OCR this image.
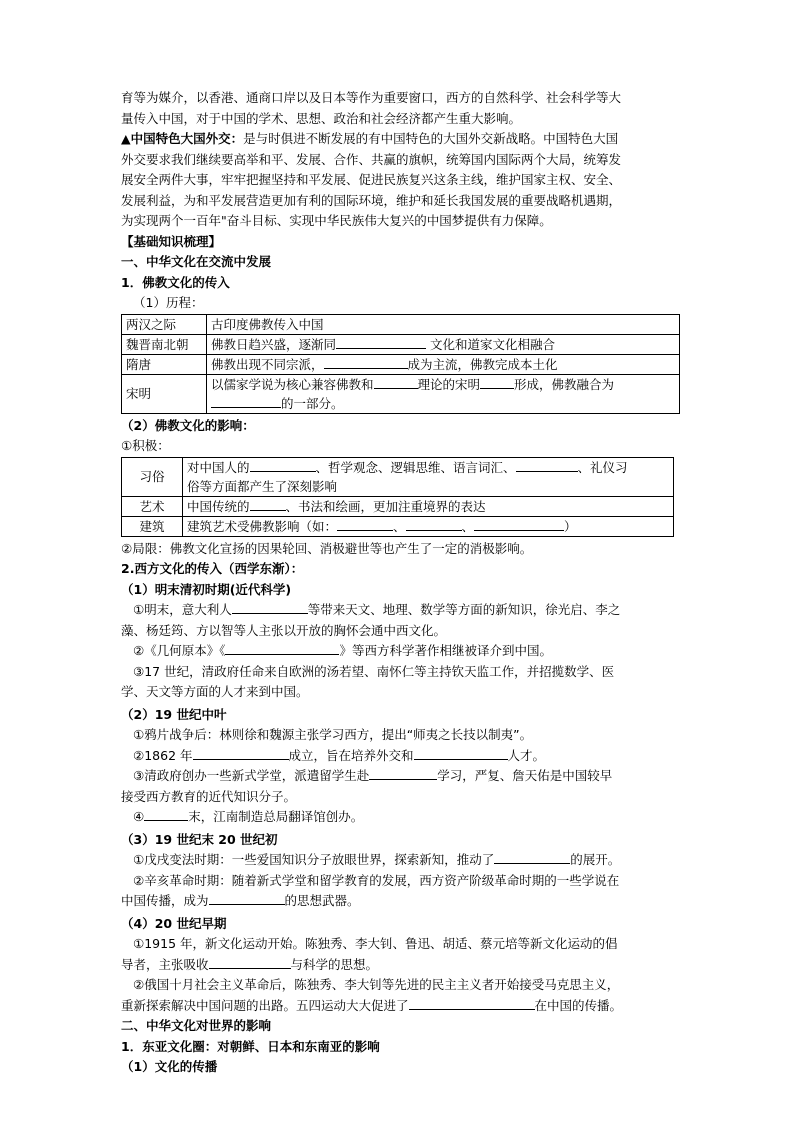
育等为媒介，以香港、通商口岸以及日本等作为重要窗口，西方的自然科学、社会科学等大

量传入中国，对于中国的学术、思想、政治和社会经济都产生重大影响。

▲中国特色大国外交：是与时俱进不断发展的有中国特色的大国外交新战略。中国特色大国

外交要求我们继续要高举和平、发展、合作、共赢的旗帜，统筹国内国际两个大局，统筹发

展安全两件大事，牢牢把握坚持和平发展、促进民族复兴这条主线，维护国家主权、安全、

发展利益，为和平发展营造更加有利的国际环境，维护和延长我国发展的重要战略机遇期，

为实现两个一百年"奋斗目标、实现中华民族伟大复兴的中国梦提供有力保障。

【基础知识梳理】

一、中华文化在交流中发展

1．佛教文化的传入

（1）历程：

两汉之际	古印度佛教传入中国
魏晋南北朝	佛教日趋兴盛，逐渐同 文化和道家文化相融合
隋唐	佛教出现不同宗派， 成为主流，佛教完成本土化
宋明	以儒家学说为核心兼容佛教和 理论的宋明 形成，佛教融合为
的一部分。

（2）佛教文化的影响：

①积极：

习俗	对中国人的 、哲学观念、逻辑思维、语言词汇、 、礼仪习
俗等方面都产生了深刻影响
艺术	中国传统的 、书法和绘画，更加注重境界的表达
建筑	建筑艺术受佛教影响（如： 、 、 ）

②局限：佛教文化宣扬的因果轮回、消极避世等也产生了一定的消极影响。

2.西方文化的传入（西学东渐）：

（1）明末清初时期(近代科学)

①明末，意大利人	等带来天文、地理、数学等方面的新知识，徐光启、李之

藻、杨廷筠、方以智等人主张以开放的胸怀会通中西文化。

②《几何原本》《	》等西方科学著作相继被译介到中国。

③17 世纪，清政府任命来自欧洲的汤若望、南怀仁等主持钦天监工作，并招揽数学、医

学、天文等方面的人才来到中国。

（2）19 世纪中叶

①鸦片战争后：林则徐和魏源主张学习西方，提出“师夷之长技以制夷”。

②1862 年	成立，旨在培养外交和	人才。

③清政府创办一些新式学堂，派遣留学生赴	学习，严复、詹天佑是中国较早

接受西方教育的近代知识分子。

④	末，江南制造总局翻译馆创办。

（3）19 世纪末 20 世纪初

①戊戌变法时期：一些爱国知识分子放眼世界，探索新知，推动了	的展开。

②辛亥革命时期：随着新式学堂和留学教育的发展，西方资产阶级革命时期的一些学说在

中国传播，成为	的思想武器。

（4）20 世纪早期

①1915 年，新文化运动开始。陈独秀、李大钊、鲁迅、胡适、蔡元培等新文化运动的倡

导者，主张吸收	与科学的思想。

②俄国十月社会主义革命后，陈独秀、李大钊等先进的民主主义者开始接受马克思主义，

重新探索解决中国问题的出路。五四运动大大促进了	在中国的传播。

二、中华文化对世界的影响

1．东亚文化圈：对朝鲜、日本和东南亚的影响

（1）文化的传播
